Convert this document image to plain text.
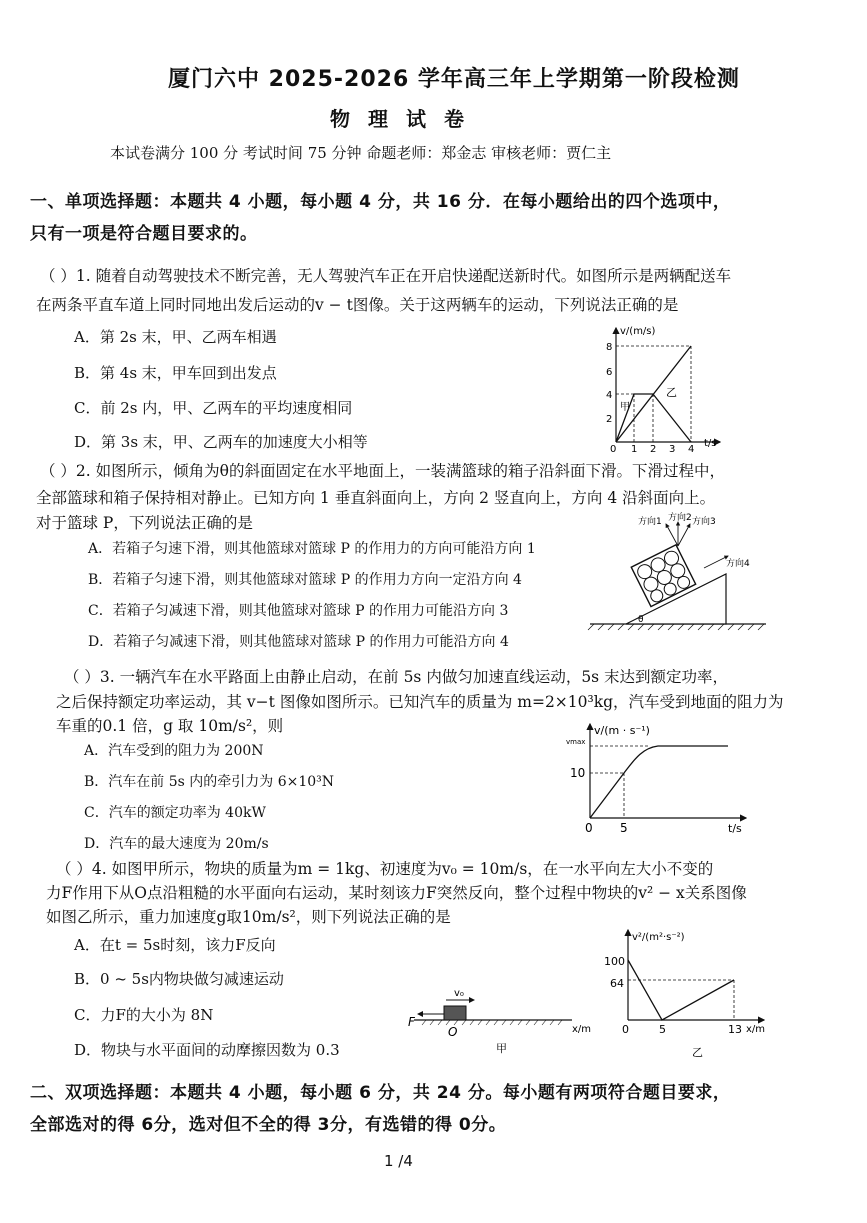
厦门六中 2025-2026 学年高三年上学期第一阶段检测
物理试卷
本试卷满分 100 分 考试时间 75 分钟 命题老师：郑金志 审核老师：贾仁主
一、单项选择题：本题共 4 小题，每小题 4 分，共 16 分．在每小题给出的四个选项中，
只有一项是符合题目要求的。
（ ）1. 随着自动驾驶技术不断完善，无人驾驶汽车正在开启快递配送新时代。如图所示是两辆配送车
在两条平直车道上同时同地出发后运动的v − t图像。关于这两辆车的运动，下列说法正确的是
A．第 2s 末，甲、乙两车相遇
B．第 4s 末，甲车回到出发点
C．前 2s 内，甲、乙两车的平均速度相同
D．第 3s 末，甲、乙两车的加速度大小相等
v/(m/s)
t/s
8
6
4
2
0 1 2 3 4
甲
乙
（ ）2. 如图所示，倾角为θ的斜面固定在水平地面上，一装满篮球的箱子沿斜面下滑。下滑过程中，
全部篮球和箱子保持相对静止。已知方向 1 垂直斜面向上，方向 2 竖直向上，方向 4 沿斜面向上。
对于篮球 P，下列说法正确的是
A．若箱子匀速下滑，则其他篮球对篮球 P 的作用力的方向可能沿方向 1
B．若箱子匀速下滑，则其他篮球对篮球 P 的作用力方向一定沿方向 4
C．若箱子匀减速下滑，则其他篮球对篮球 P 的作用力可能沿方向 3
D．若箱子匀减速下滑，则其他篮球对篮球 P 的作用力可能沿方向 4
θ
方向1 方向2 方向3
方向4
（ ）3. 一辆汽车在水平路面上由静止启动，在前 5s 内做匀加速直线运动，5s 末达到额定功率，
之后保持额定功率运动，其 v−t 图像如图所示。已知汽车的质量为 m=2×10³kg，汽车受到地面的阻力为
车重的0.1 倍，g 取 10m/s²，则
A．汽车受到的阻力为 200N
B．汽车在前 5s 内的牵引力为 6×10³N
C．汽车的额定功率为 40kW
D．汽车的最大速度为 20m/s
v/(m · s⁻¹)
t/s
vmax
10
0 5
（ ）4. 如图甲所示，物块的质量为m = 1kg、初速度为v₀ = 10m/s，在一水平向左大小不变的
力F作用下从O点沿粗糙的水平面向右运动，某时刻该力F突然反向，整个过程中物块的v² − x关系图像
如图乙所示，重力加速度g取10m/s²，则下列说法正确的是
A．在t = 5s时刻，该力F反向
B．0 ~ 5s内物块做匀减速运动
C．力F的大小为 8N
D．物块与水平面间的动摩擦因数为 0.3
v₀
F
O	x/m
甲
v²/(m²·s⁻²)
x/m
100
64
0	5	13
乙
二、双项选择题：本题共 4 小题，每小题 6 分，共 24 分。每小题有两项符合题目要求，
全部选对的得 6分，选对但不全的得 3分，有选错的得 0分。
1 /4
